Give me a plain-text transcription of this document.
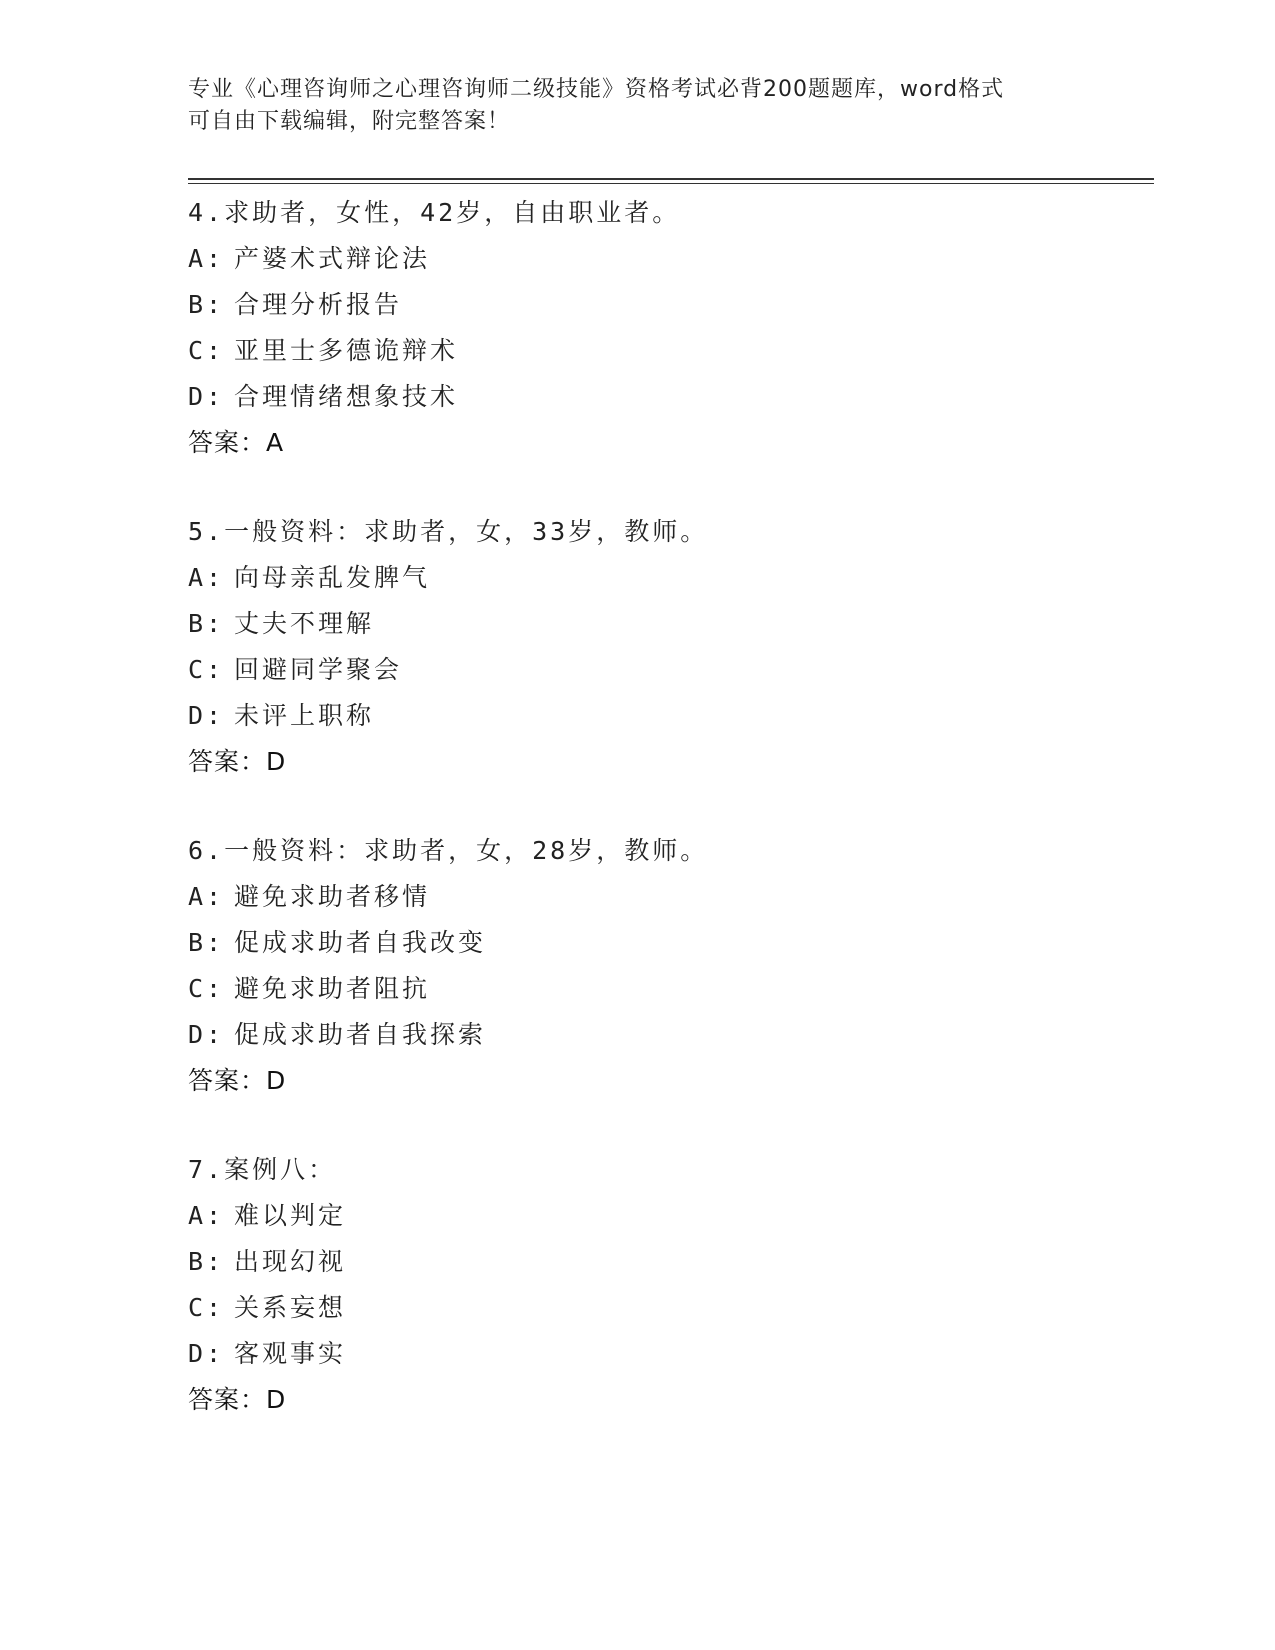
专业《心理咨询师之心理咨询师二级技能》资格考试必背200题题库，word格式
可自由下载编辑，附完整答案！
4.求助者，女性，42岁，自由职业者。
A: 产婆术式辩论法
B: 合理分析报告
C: 亚里士多德诡辩术
D: 合理情绪想象技术
答案：A
5.一般资料：求助者，女，33岁，教师。
A: 向母亲乱发脾气
B: 丈夫不理解
C: 回避同学聚会
D: 未评上职称
答案：D
6.一般资料：求助者，女，28岁，教师。
A: 避免求助者移情
B: 促成求助者自我改变
C: 避免求助者阻抗
D: 促成求助者自我探索
答案：D
7.案例八：
A: 难以判定
B: 出现幻视
C: 关系妄想
D: 客观事实
答案：D
